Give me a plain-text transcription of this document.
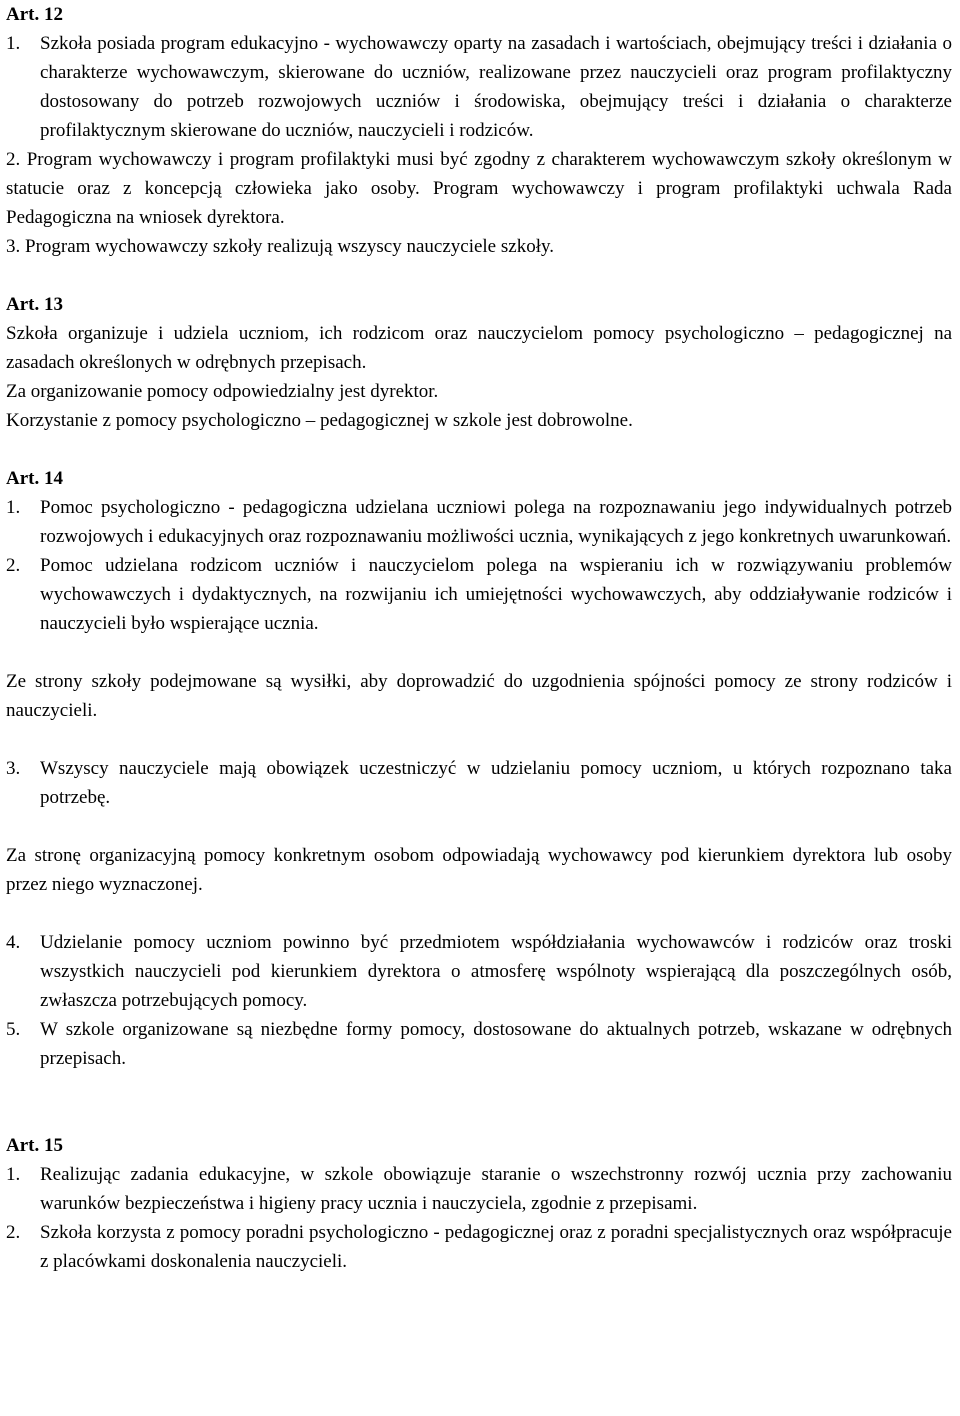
Art. 12

1. Szkoła posiada program edukacyjno - wychowawczy oparty na zasadach i wartościach, obejmujący treści i działania o charakterze wychowawczym, skierowane do uczniów, realizowane przez nauczycieli oraz program profilaktyczny dostosowany do potrzeb rozwojowych uczniów i środowiska, obejmujący treści i działania o charakterze profilaktycznym skierowane do uczniów, nauczycieli i rodziców.

2. Program wychowawczy i program profilaktyki musi być zgodny z charakterem wychowawczym szkoły określonym w statucie oraz z koncepcją człowieka jako osoby. Program wychowawczy i program profilaktyki uchwala Rada Pedagogiczna na wniosek dyrektora.

3. Program wychowawczy szkoły realizują wszyscy nauczyciele szkoły.

Art. 13

Szkoła organizuje i udziela uczniom, ich rodzicom oraz nauczycielom pomocy psychologiczno – pedagogicznej na zasadach określonych w odrębnych przepisach.

Za organizowanie pomocy odpowiedzialny jest dyrektor.

Korzystanie z pomocy psychologiczno – pedagogicznej w szkole jest dobrowolne.

Art. 14

1. Pomoc psychologiczno - pedagogiczna udzielana uczniowi polega na rozpoznawaniu jego indywidualnych potrzeb rozwojowych i edukacyjnych oraz rozpoznawaniu możliwości ucznia, wynikających z jego konkretnych uwarunkowań.

2. Pomoc udzielana rodzicom uczniów i nauczycielom polega na wspieraniu ich w rozwiązywaniu problemów wychowawczych i dydaktycznych, na rozwijaniu ich umiejętności wychowawczych, aby oddziaływanie rodziców i nauczycieli było wspierające ucznia.

Ze strony szkoły podejmowane są wysiłki, aby doprowadzić do uzgodnienia spójności pomocy ze strony rodziców i nauczycieli.

3. Wszyscy nauczyciele mają obowiązek uczestniczyć w udzielaniu pomocy uczniom, u których rozpoznano taka potrzebę.

Za stronę organizacyjną pomocy konkretnym osobom odpowiadają wychowawcy pod kierunkiem dyrektora lub osoby przez niego wyznaczonej.

4. Udzielanie pomocy uczniom powinno być przedmiotem współdziałania wychowawców i rodziców oraz troski wszystkich nauczycieli pod kierunkiem dyrektora o atmosferę wspólnoty wspierającą dla poszczególnych osób, zwłaszcza potrzebujących pomocy.

5. W szkole organizowane są niezbędne formy pomocy, dostosowane do aktualnych potrzeb, wskazane w odrębnych przepisach.

Art. 15

1. Realizując zadania edukacyjne, w szkole obowiązuje staranie o wszechstronny rozwój ucznia przy zachowaniu warunków bezpieczeństwa i higieny pracy ucznia i nauczyciela, zgodnie z przepisami.

2. Szkoła korzysta z pomocy poradni psychologiczno - pedagogicznej oraz z poradni specjalistycznych oraz współpracuje z placówkami doskonalenia nauczycieli.
